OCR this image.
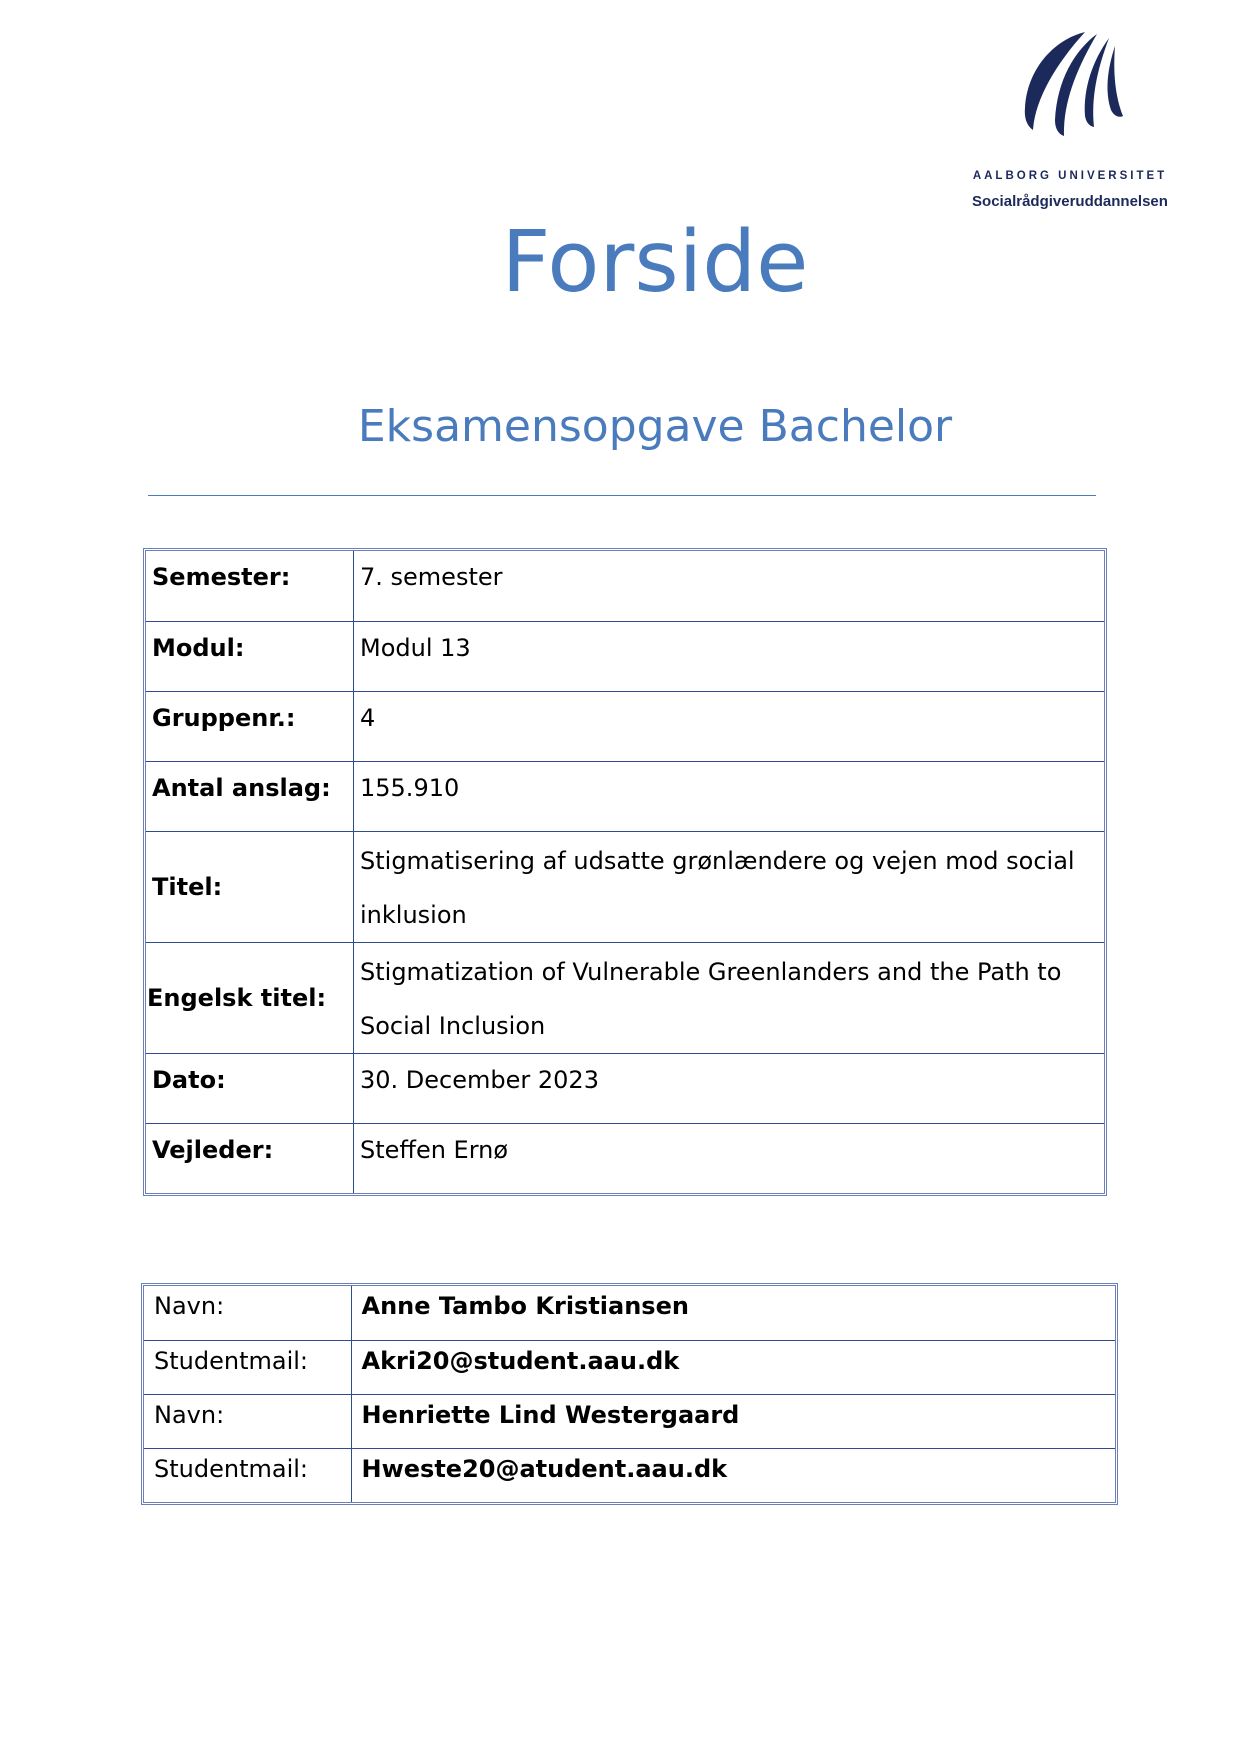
AALBORG UNIVERSITET
Socialrådgiveruddannelsen
Forside
Eksamensopgave Bachelor
Semester:	7. semester
Modul:	Modul 13
Gruppenr.:	4
Antal anslag:	155.910
Titel:	Stigmatisering af udsatte grønlændere og vejen mod social inklusion
Engelsk titel:	Stigmatization of Vulnerable Greenlanders and the Path to Social Inclusion
Dato:	30. December 2023
Vejleder:	Steffen Ernø
Navn:	Anne Tambo Kristiansen
Studentmail:	Akri20@student.aau.dk
Navn:	Henriette Lind Westergaard
Studentmail:	Hweste20@atudent.aau.dk
